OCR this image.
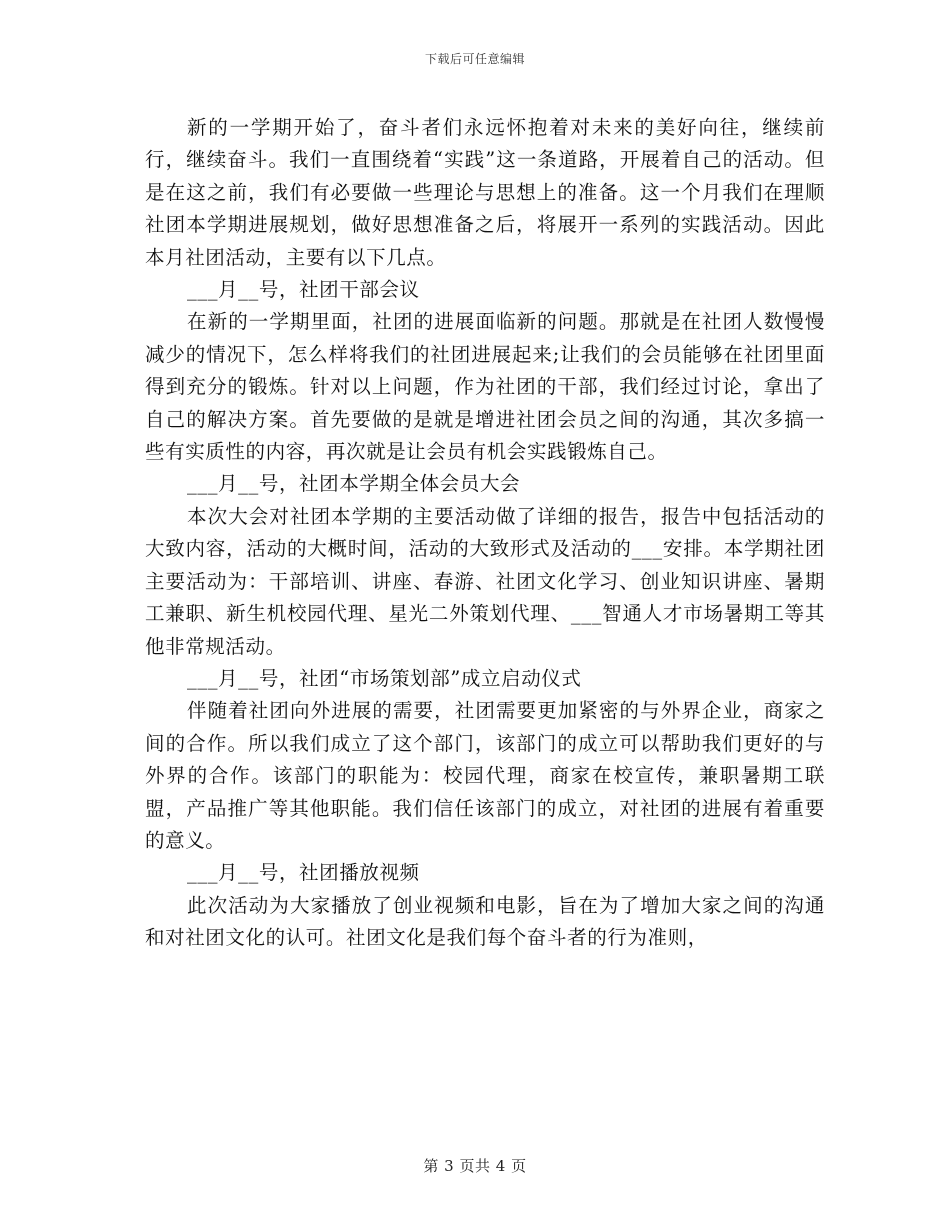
下载后可任意编辑

新的一学期开始了，奋斗者们永远怀抱着对未来的美好向往，继续前行，继续奋斗。我们一直围绕着“实践”这一条道路，开展着自己的活动。但是在这之前，我们有必要做一些理论与思想上的准备。这一个月我们在理顺社团本学期进展规划，做好思想准备之后，将展开一系列的实践活动。因此本月社团活动，主要有以下几点。

___月__号，社团干部会议

在新的一学期里面，社团的进展面临新的问题。那就是在社团人数慢慢减少的情况下，怎么样将我们的社团进展起来;让我们的会员能够在社团里面得到充分的锻炼。针对以上问题，作为社团的干部，我们经过讨论，拿出了自己的解决方案。首先要做的是就是增进社团会员之间的沟通，其次多搞一些有实质性的内容，再次就是让会员有机会实践锻炼自己。

___月__号，社团本学期全体会员大会

本次大会对社团本学期的主要活动做了详细的报告，报告中包括活动的大致内容，活动的大概时间，活动的大致形式及活动的___安排。本学期社团主要活动为：干部培训、讲座、春游、社团文化学习、创业知识讲座、暑期工兼职、新生机校园代理、星光二外策划代理、___智通人才市场暑期工等其他非常规活动。

___月__号，社团“市场策划部”成立启动仪式

伴随着社团向外进展的需要，社团需要更加紧密的与外界企业，商家之间的合作。所以我们成立了这个部门，该部门的成立可以帮助我们更好的与外界的合作。该部门的职能为：校园代理，商家在校宣传，兼职暑期工联盟，产品推广等其他职能。我们信任该部门的成立，对社团的进展有着重要的意义。

___月__号，社团播放视频

此次活动为大家播放了创业视频和电影，旨在为了增加大家之间的沟通和对社团文化的认可。社团文化是我们每个奋斗者的行为准则，

第 3 页共 4 页
